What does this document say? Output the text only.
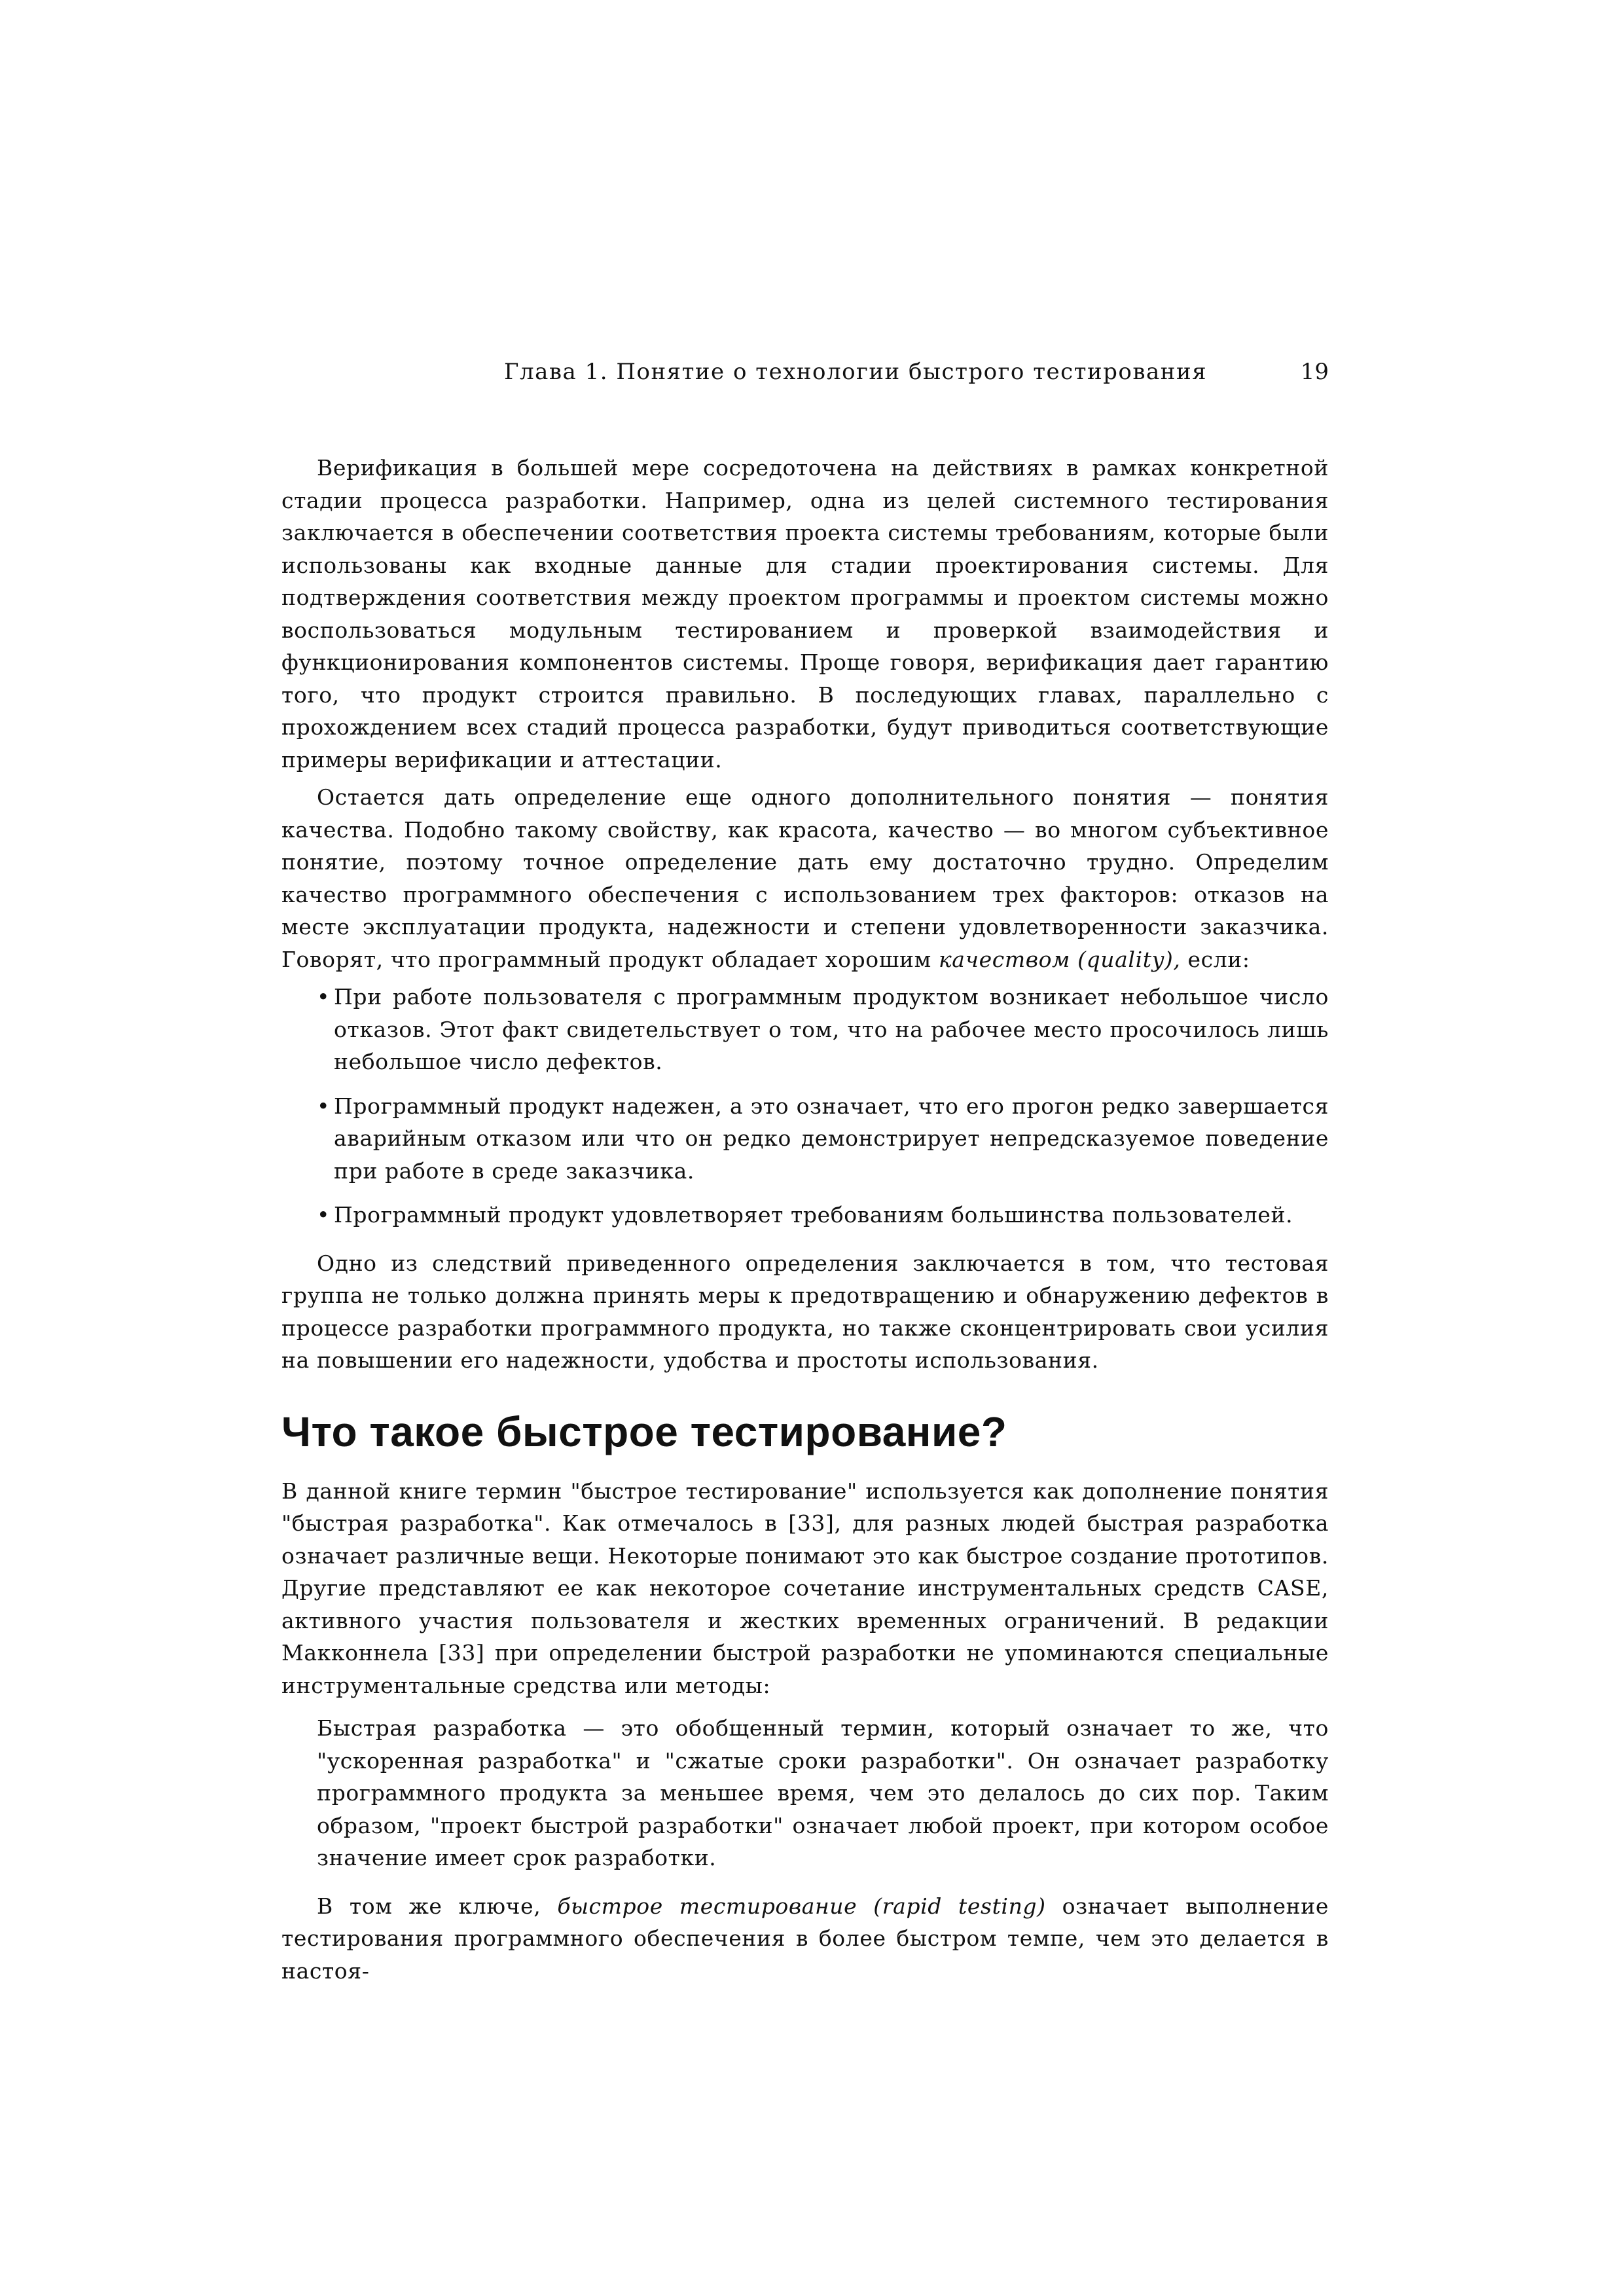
Глава 1. Понятие о технологии быстрого тестирования	19

Верификация в большей мере сосредоточена на действиях в рамках конкретной стадии процесса разработки. Например, одна из целей системного тестирования заключается в обеспечении соответствия проекта системы требованиям, которые были использованы как входные данные для стадии проектирования системы. Для подтверждения соответствия между проектом программы и проектом системы можно воспользоваться модульным тестированием и проверкой взаимодействия и функционирования компонентов системы. Проще говоря, верификация дает гарантию того, что продукт строится правильно. В последующих главах, параллельно с прохождением всех стадий процесса разработки, будут приводиться соответствующие примеры верификации и аттестации.

Остается дать определение еще одного дополнительного понятия — понятия качества. Подобно такому свойству, как красота, качество — во многом субъективное понятие, поэтому точное определение дать ему достаточно трудно. Определим качество программного обеспечения с использованием трех факторов: отказов на месте эксплуатации продукта, надежности и степени удовлетворенности заказчика. Говорят, что программный продукт обладает хорошим качеством (quality), если:

• При работе пользователя с программным продуктом возникает небольшое число отказов. Этот факт свидетельствует о том, что на рабочее место просочилось лишь небольшое число дефектов.
• Программный продукт надежен, а это означает, что его прогон редко завершается аварийным отказом или что он редко демонстрирует непредсказуемое поведение при работе в среде заказчика.
• Программный продукт удовлетворяет требованиям большинства пользователей.

Одно из следствий приведенного определения заключается в том, что тестовая группа не только должна принять меры к предотвращению и обнаружению дефектов в процессе разработки программного продукта, но также сконцентрировать свои усилия на повышении его надежности, удобства и простоты использования.

Что такое быстрое тестирование?

В данной книге термин "быстрое тестирование" используется как дополнение понятия "быстрая разработка". Как отмечалось в [33], для разных людей быстрая разработка означает различные вещи. Некоторые понимают это как быстрое создание прототипов. Другие представляют ее как некоторое сочетание инструментальных средств CASE, активного участия пользователя и жестких временных ограничений. В редакции Макконнела [33] при определении быстрой разработки не упоминаются специальные инструментальные средства или методы:

Быстрая разработка — это обобщенный термин, который означает то же, что "ускоренная разработка" и "сжатые сроки разработки". Он означает разработку программного продукта за меньшее время, чем это делалось до сих пор. Таким образом, "проект быстрой разработки" означает любой проект, при котором особое значение имеет срок разработки.

В том же ключе, быстрое тестирование (rapid testing) означает выполнение тестирования программного обеспечения в более быстром темпе, чем это делается в настоя-
